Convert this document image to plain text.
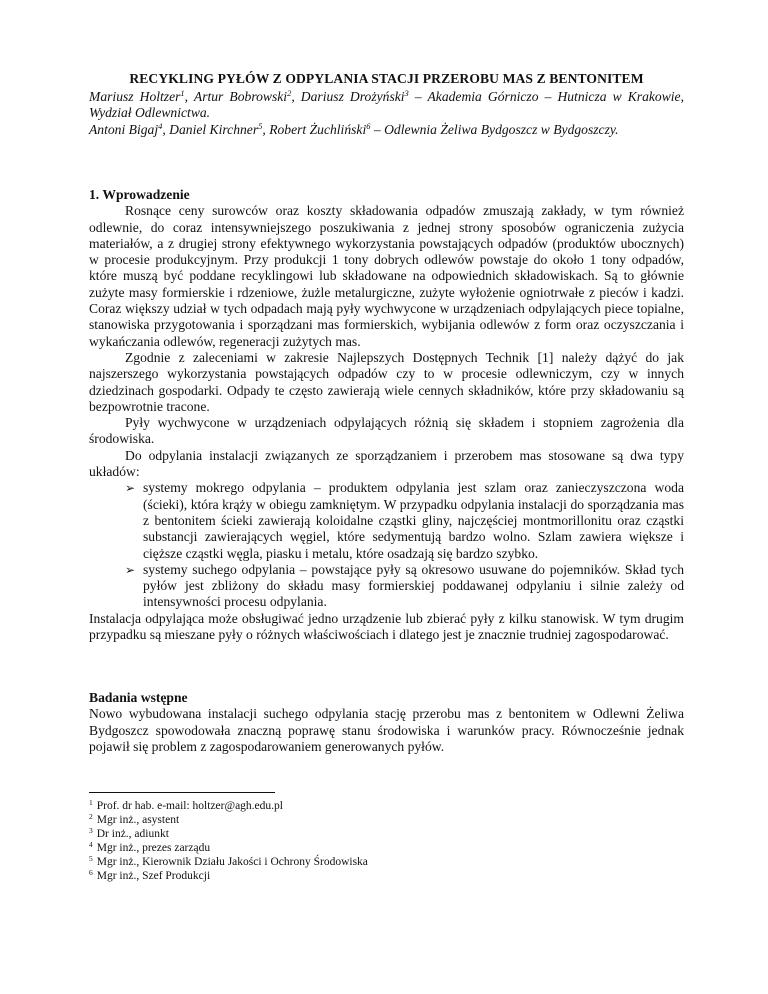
RECYKLING PYŁÓW Z ODPYLANIA STACJI PRZEROBU MAS Z BENTONITEM
Mariusz Holtzer$^1$, Artur Bobrowski$^2$, Dariusz Drożyński$^3$ – Akademia Górniczo – Hutnicza w Krakowie, Wydział Odlewnictwa.
Antoni Bigaj$^4$, Daniel Kirchner$^5$, Robert Żuchliński$^6$ – Odlewnia Żeliwa Bydgoszcz w Bydgoszczy.
1. Wprowadzenie

Rosnące ceny surowców oraz koszty składowania odpadów zmuszają zakłady, w tym również odlewnie, do coraz intensywniejszego poszukiwania z jednej strony sposobów ograniczenia zużycia materiałów, a z drugiej strony efektywnego wykorzystania powstających odpadów (produktów ubocznych) w procesie produkcyjnym. Przy produkcji 1 tony dobrych odlewów powstaje do około 1 tony odpadów, które muszą być poddane recyklingowi lub składowane na odpowiednich składowiskach. Są to głównie zużyte masy formierskie i rdzeniowe, żużle metalurgiczne, zużyte wyłożenie ogniotrwałe z pieców i kadzi. Coraz większy udział w tych odpadach mają pyły wychwycone w urządzeniach odpylających piece topialne, stanowiska przygotowania i sporządzani mas formierskich, wybijania odlewów z form oraz oczyszczania i wykańczania odlewów, regeneracji zużytych mas.

Zgodnie z zaleceniami w zakresie Najlepszych Dostępnych Technik [1] należy dążyć do jak najszerszego wykorzystania powstających odpadów czy to w procesie odlewniczym, czy w innych dziedzinach gospodarki. Odpady te często zawierają wiele cennych składników, które przy składowaniu są bezpowrotnie tracone.

Pyły wychwycone w urządzeniach odpylających różnią się składem i stopniem zagrożenia dla środowiska.

Do odpylania instalacji związanych ze sporządzaniem i przerobem mas stosowane są dwa typy układów:

➢ systemy mokrego odpylania – produktem odpylania jest szlam oraz zanieczyszczona woda (ścieki), która krąży w obiegu zamkniętym. W przypadku odpylania instalacji do sporządzania mas z bentonitem ścieki zawierają koloidalne cząstki gliny, najczęściej montmorillonitu oraz cząstki substancji zawierających węgiel, które sedymentują bardzo wolno. Szlam zawiera większe i cięższe cząstki węgla, piasku i metalu, które osadzają się bardzo szybko.
➢ systemy suchego odpylania – powstające pyły są okresowo usuwane do pojemników. Skład tych pyłów jest zbliżony do składu masy formierskiej poddawanej odpylaniu i silnie zależy od intensywności procesu odpylania.

Instalacja odpylająca może obsługiwać jedno urządzenie lub zbierać pyły z kilku stanowisk. W tym drugim przypadku są mieszane pyły o różnych właściwościach i dlatego jest je znacznie trudniej zagospodarować.

Badania wstępne

Nowo wybudowana instalacji suchego odpylania stację przerobu mas z bentonitem w Odlewni Żeliwa Bydgoszcz spowodowała znaczną poprawę stanu środowiska i warunków pracy. Równocześnie jednak pojawił się problem z zagospodarowaniem generowanych pyłów.

$^1$ Prof. dr hab. e-mail: holtzer@agh.edu.pl
$^2$ Mgr inż., asystent
$^3$ Dr inż., adiunkt
$^4$ Mgr inż., prezes zarządu
$^5$ Mgr inż., Kierownik Działu Jakości i Ochrony Środowiska
$^6$ Mgr inż., Szef Produkcji
